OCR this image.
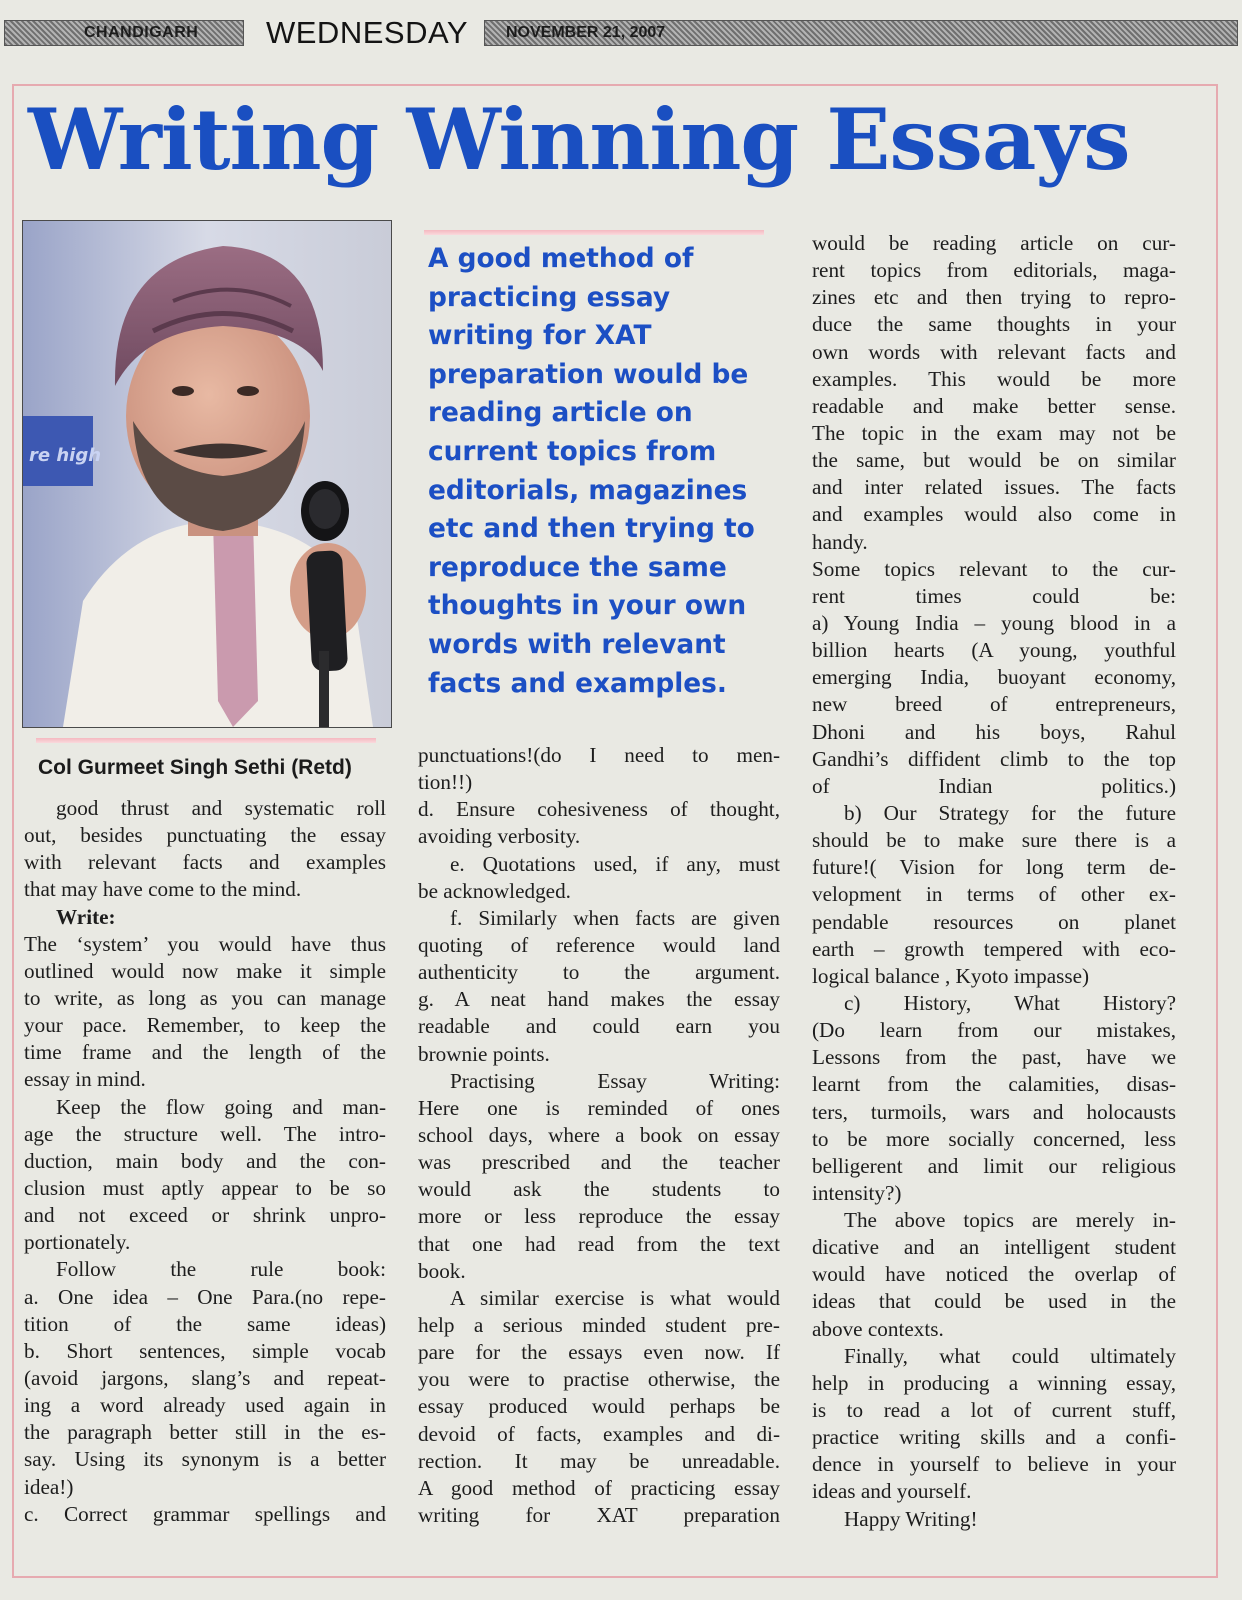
CHANDIGARH WEDNESDAY NOVEMBER 21, 2007
Writing Winning Essays
re high
Col Gurmeet Singh Sethi (Retd)
A good method of
practicing essay
writing for XAT
preparation would be
reading article on
current topics from
editorials, magazines
etc and then trying to
reproduce the same
thoughts in your own
words with relevant
facts and examples.
good thrust and systematic roll
out, besides punctuating the essay
with relevant facts and examples
that may have come to the mind.
Write:
The ‘system’ you would have thus
outlined would now make it simple
to write, as long as you can manage
your pace. Remember, to keep the
time frame and the length of the
essay in mind.
Keep the flow going and man-
age the structure well. The intro-
duction, main body and the con-
clusion must aptly appear to be so
and not exceed or shrink unpro-
portionately.
Follow the rule book:
a. One idea – One Para.(no repe-
tition of the same ideas)
b. Short sentences, simple vocab
(avoid jargons, slang’s and repeat-
ing a word already used again in
the paragraph better still in the es-
say. Using its synonym is a better
idea!)
c. Correct grammar spellings and
punctuations!(do I need to men-
tion!!)
d. Ensure cohesiveness of thought,
avoiding verbosity.
e. Quotations used, if any, must
be acknowledged.
f. Similarly when facts are given
quoting of reference would land
authenticity to the argument.
g. A neat hand makes the essay
readable and could earn you
brownie points.
Practising Essay Writing:
Here one is reminded of ones
school days, where a book on essay
was prescribed and the teacher
would ask the students to
more or less reproduce the essay
that one had read from the text
book.
A similar exercise is what would
help a serious minded student pre-
pare for the essays even now. If
you were to practise otherwise, the
essay produced would perhaps be
devoid of facts, examples and di-
rection. It may be unreadable.
A good method of practicing essay
writing for XAT preparation
would be reading article on cur-
rent topics from editorials, maga-
zines etc and then trying to repro-
duce the same thoughts in your
own words with relevant facts and
examples. This would be more
readable and make better sense.
The topic in the exam may not be
the same, but would be on similar
and inter related issues. The facts
and examples would also come in
handy.
Some topics relevant to the cur-
rent times could be:
a) Young India – young blood in a
billion hearts (A young, youthful
emerging India, buoyant economy,
new breed of entrepreneurs,
Dhoni and his boys, Rahul
Gandhi’s diffident climb to the top
of Indian politics.)
b) Our Strategy for the future
should be to make sure there is a
future!( Vision for long term de-
velopment in terms of other ex-
pendable resources on planet
earth – growth tempered with eco-
logical balance , Kyoto impasse)
c) History, What History?
(Do learn from our mistakes,
Lessons from the past, have we
learnt from the calamities, disas-
ters, turmoils, wars and holocausts
to be more socially concerned, less
belligerent and limit our religious
intensity?)
The above topics are merely in-
dicative and an intelligent student
would have noticed the overlap of
ideas that could be used in the
above contexts.
Finally, what could ultimately
help in producing a winning essay,
is to read a lot of current stuff,
practice writing skills and a confi-
dence in yourself to believe in your
ideas and yourself.
Happy Writing!
